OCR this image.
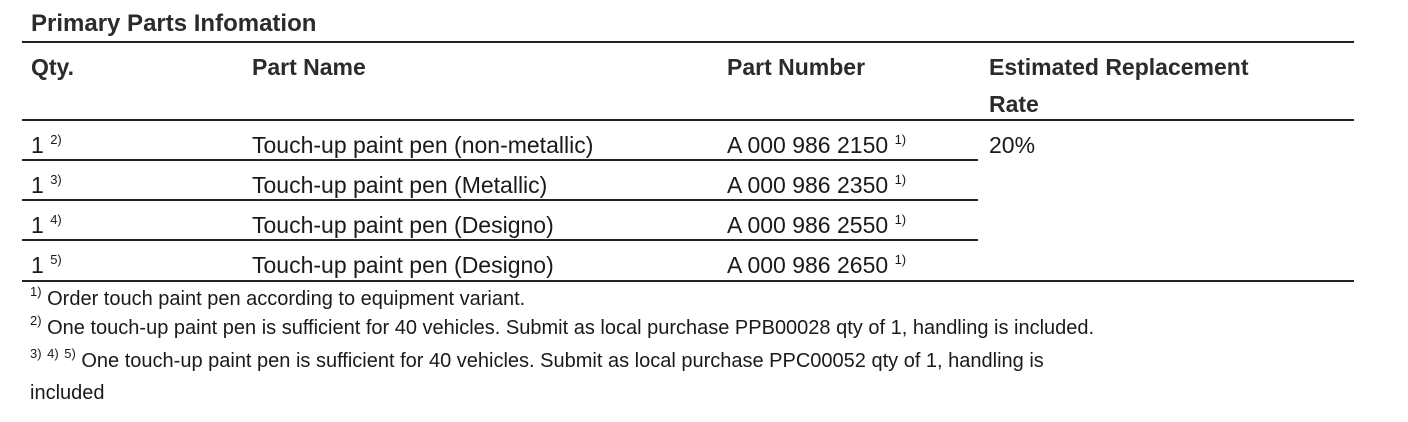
Primary Parts Infomation
Qty.	Part Name	Part Number	Estimated Replacement
Rate
1 $^{2)}$	Touch-up paint pen (non-metallic)	A 000 986 2150 $^{1)}$	20%
1 $^{3)}$	Touch-up paint pen (Metallic)	A 000 986 2350 $^{1)}$
1 $^{4)}$	Touch-up paint pen (Designo)	A 000 986 2550 $^{1)}$
1 $^{5)}$	Touch-up paint pen (Designo)	A 000 986 2650 $^{1)}$
$^{1)}$ Order touch paint pen according to equipment variant.
$^{2)}$ One touch-up paint pen is sufficient for 40 vehicles. Submit as local purchase PPB00028 qty of 1, handling is included.
$^{3)}$ $^{4)}$ $^{5)}$ One touch-up paint pen is sufficient for 40 vehicles. Submit as local purchase PPC00052 qty of 1, handling is
included
